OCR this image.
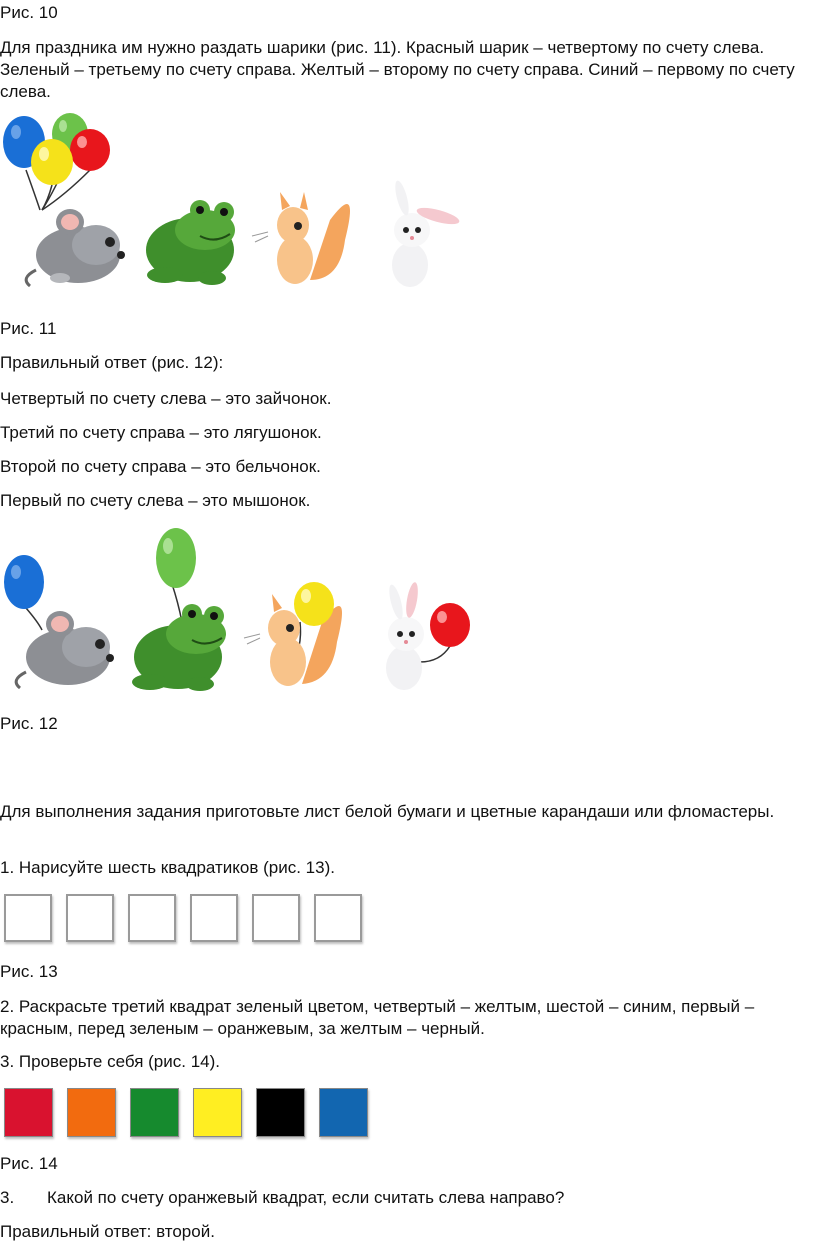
Рис. 10
Для праздника им нужно раздать шарики (рис. 11). Красный шарик – четвертому по счету слева. Зеленый – третьему по счету справа. Желтый – второму по счету справа. Синий – первому по счету слева.
Рис. 11
Правильный ответ (рис. 12):
Четвертый по счету слева – это зайчонок.
Третий по счету справа – это лягушонок.
Второй по счету справа – это бельчонок.
Первый по счету слева – это мышонок.
Рис. 12
Для выполнения задания приготовьте лист белой бумаги и цветные карандаши или фломастеры.
1. Нарисуйте шесть квадратиков (рис. 13).
Рис. 13
2. Раскрасьте третий квадрат зеленый цветом, четвертый – желтым, шестой – синим, первый – красным, перед зеленым – оранжевым, за желтым – черный.
3. Проверьте себя (рис. 14).
Рис. 14
3. Какой по счету оранжевый квадрат, если считать слева направо?
Правильный ответ: второй.
